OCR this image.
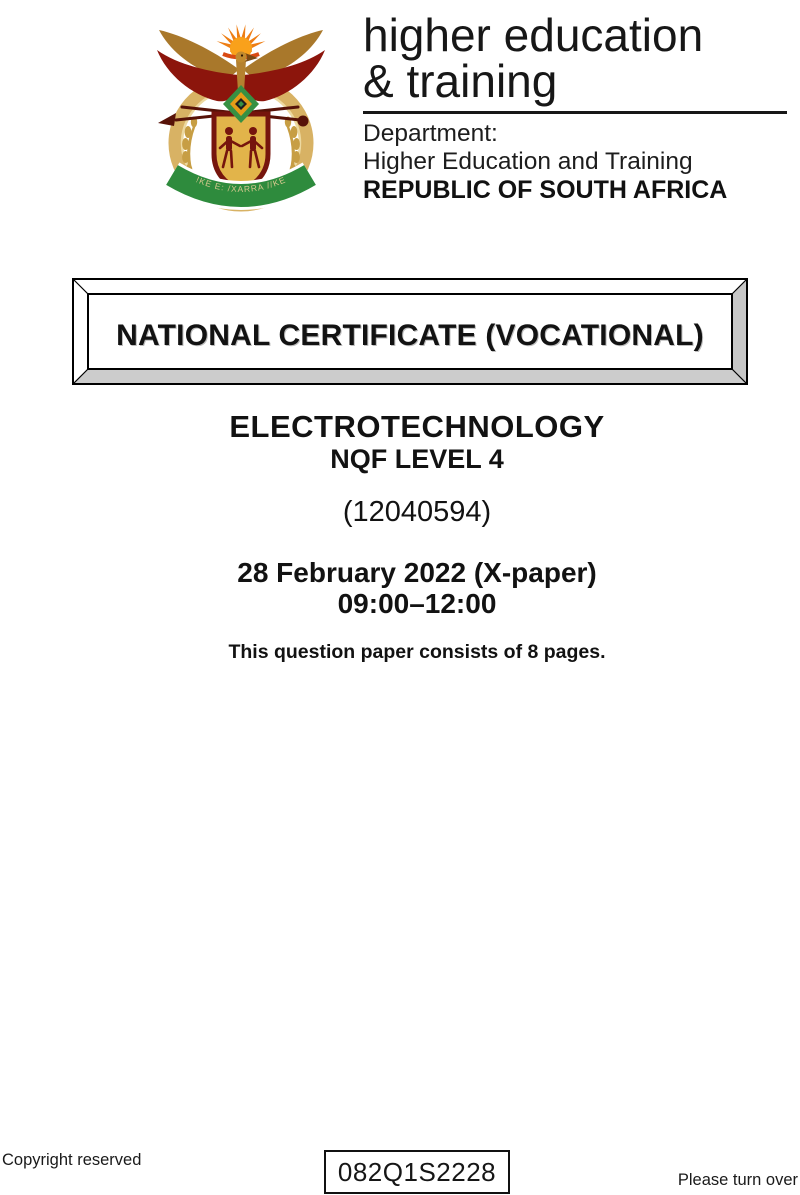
!KE E: /XARRA //KE
higher education
& training
Department:
Higher Education and Training
REPUBLIC OF SOUTH AFRICA
NATIONAL CERTIFICATE (VOCATIONAL)
ELECTROTECHNOLOGY
NQF LEVEL 4
(12040594)
28 February 2022 (X-paper)
09:00–12:00
This question paper consists of 8 pages.
Copyright reserved	082Q1S2228	Please turn over
